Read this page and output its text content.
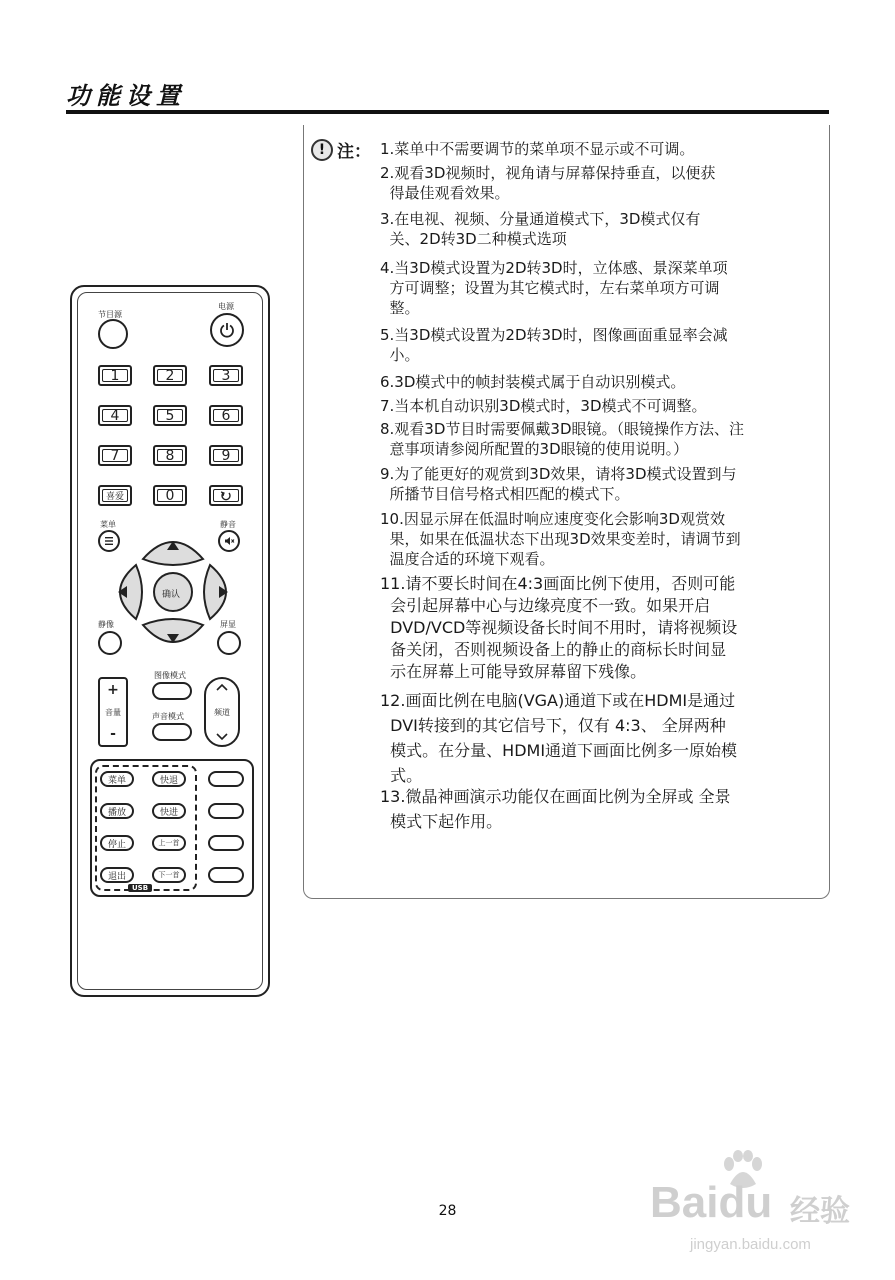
功能设置
节目源
电源
1	2	3
4	5	6
7	8	9
喜爱	0
菜单	静音
确认
静像	屏显
+
音量
-
图像模式
声音模式	频道
菜单	快退
播放	快进
停止	上一首
退出	下一首
USB
! 注： 1.菜单中不需要调节的菜单项不显示或不可调。
2.观看3D视频时，视角请与屏幕保持垂直，以便获
得最佳观看效果。
3.在电视、视频、分量通道模式下，3D模式仅有
关、2D转3D二种模式选项
4.当3D模式设置为2D转3D时，立体感、景深菜单项
方可调整；设置为其它模式时，左右菜单项方可调
整。
5.当3D模式设置为2D转3D时，图像画面重显率会减
小。
6.3D模式中的帧封装模式属于自动识别模式。
7.当本机自动识别3D模式时，3D模式不可调整。
8.观看3D节目时需要佩戴3D眼镜。（眼镜操作方法、注
意事项请参阅所配置的3D眼镜的使用说明。）
9.为了能更好的观赏到3D效果，请将3D模式设置到与
所播节目信号格式相匹配的模式下。
10.因显示屏在低温时响应速度变化会影响3D观赏效
果，如果在低温状态下出现3D效果变差时，请调节到
温度合适的环境下观看。
11.请不要长时间在4:3画面比例下使用，否则可能
会引起屏幕中心与边缘亮度不一致。如果开启
DVD/VCD等视频设备长时间不用时，请将视频设
备关闭，否则视频设备上的静止的商标长时间显
示在屏幕上可能导致屏幕留下残像。
12.画面比例在电脑(VGA)通道下或在HDMI是通过
DVI转接到的其它信号下，仅有 4:3、 全屏两种
模式。在分量、HDMI通道下画面比例多一原始模
式。
13.微晶神画演示功能仅在画面比例为全屏或 全景
模式下起作用。
28	Baidu 经验
jingyan.baidu.com
